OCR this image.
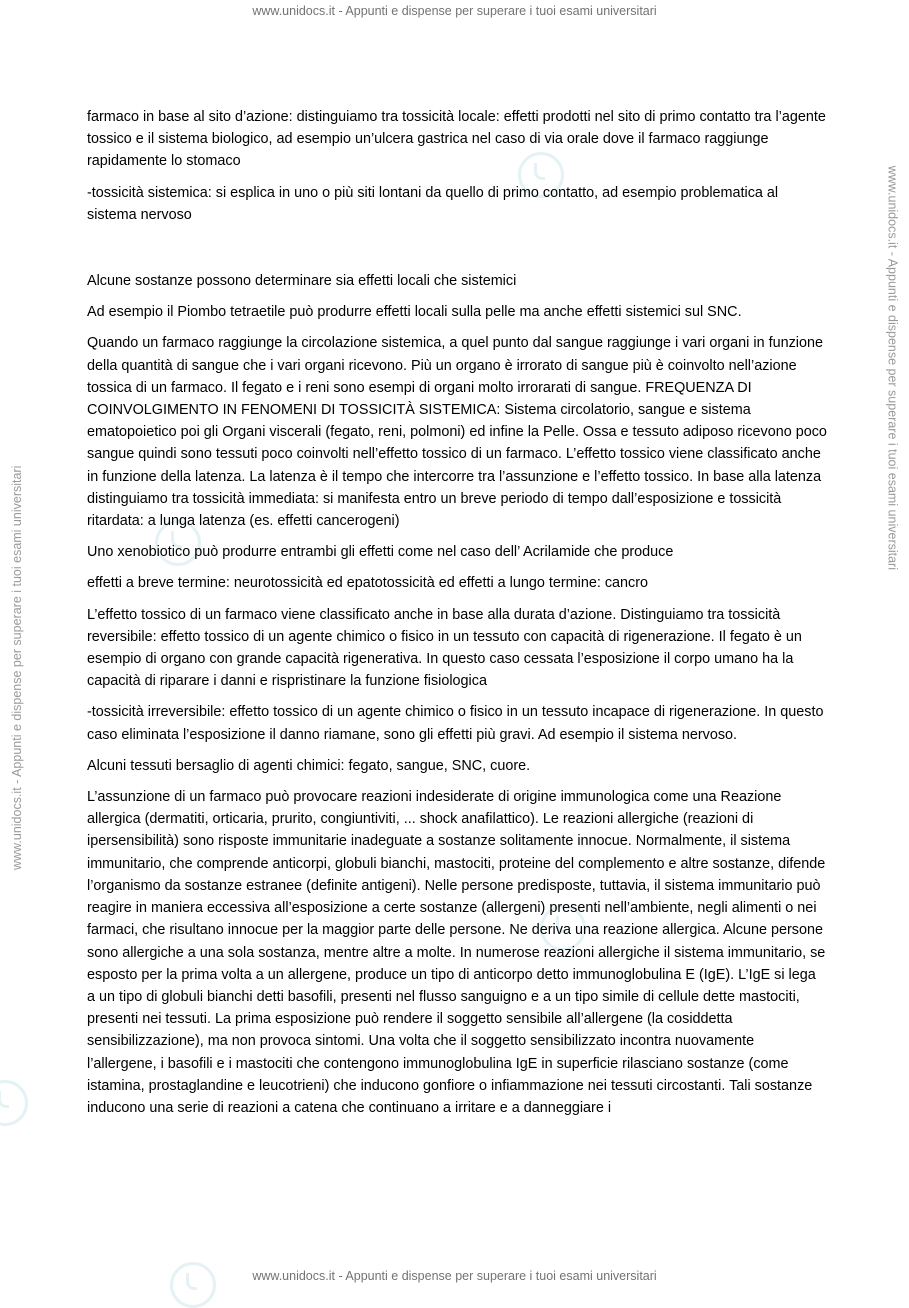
www.unidocs.it - Appunti e dispense per superare i tuoi esami universitari
www.unidocs.it - Appunti e dispense per superare i tuoi esami universitari
www.unidocs.it - Appunti e dispense per superare i tuoi esami universitari

farmaco in base al sito d’azione: distinguiamo tra tossicità locale: effetti prodotti nel sito di primo contatto tra l’agente tossico e il sistema biologico, ad esempio un’ulcera gastrica nel caso di via orale dove il farmaco raggiunge rapidamente lo stomaco

-tossicità sistemica: si esplica in uno o più siti lontani da quello di primo contatto, ad esempio problematica al sistema nervoso

Alcune sostanze possono determinare sia effetti locali che sistemici

Ad esempio il Piombo tetraetile può produrre effetti locali sulla pelle ma anche effetti sistemici sul SNC.

Quando un farmaco raggiunge la circolazione sistemica, a quel punto dal sangue raggiunge i vari organi in funzione della quantità di sangue che i vari organi ricevono. Più un organo è irrorato di sangue più è coinvolto nell’azione tossica di un farmaco. Il fegato e i reni sono esempi di organi molto irrorarati di sangue. FREQUENZA DI COINVOLGIMENTO IN FENOMENI DI TOSSICITÀ SISTEMICA: Sistema circolatorio, sangue e sistema ematopoietico poi gli Organi viscerali (fegato, reni, polmoni) ed infine la Pelle. Ossa e tessuto adiposo ricevono poco sangue quindi sono tessuti poco coinvolti nell’effetto tossico di un farmaco. L’effetto tossico viene classificato anche in funzione della latenza. La latenza è il tempo che intercorre tra l’assunzione e l’effetto tossico. In base alla latenza distinguiamo tra tossicità immediata: si manifesta entro un breve periodo di tempo dall’esposizione e tossicità ritardata: a lunga latenza (es. effetti cancerogeni)

Uno xenobiotico può produrre entrambi gli effetti come nel caso dell’ Acrilamide che produce

effetti a breve termine: neurotossicità ed epatotossicità ed effetti a lungo termine: cancro

L’effetto tossico di un farmaco viene classificato anche in base alla durata d’azione. Distinguiamo tra tossicità reversibile: effetto tossico di un agente chimico o fisico in un tessuto con capacità di rigenerazione. Il fegato è un esempio di organo con grande capacità rigenerativa. In questo caso cessata l’esposizione il corpo umano ha la capacità di riparare i danni e rispristinare la funzione fisiologica

-tossicità irreversibile: effetto tossico di un agente chimico o fisico in un tessuto incapace di rigenerazione. In questo caso eliminata l’esposizione il danno riamane, sono gli effetti più gravi. Ad esempio il sistema nervoso.

Alcuni tessuti bersaglio di agenti chimici: fegato, sangue, SNC, cuore.

L’assunzione di un farmaco può provocare reazioni indesiderate di origine immunologica come una Reazione allergica (dermatiti, orticaria, prurito, congiuntiviti, ... shock anafilattico). Le reazioni allergiche (reazioni di ipersensibilità) sono risposte immunitarie inadeguate a sostanze solitamente innocue. Normalmente, il sistema immunitario, che comprende anticorpi, globuli bianchi, mastociti, proteine del complemento e altre sostanze, difende l’organismo da sostanze estranee (definite antigeni). Nelle persone predisposte, tuttavia, il sistema immunitario può reagire in maniera eccessiva all’esposizione a certe sostanze (allergeni) presenti nell’ambiente, negli alimenti o nei farmaci, che risultano innocue per la maggior parte delle persone. Ne deriva una reazione allergica. Alcune persone sono allergiche a una sola sostanza, mentre altre a molte. In numerose reazioni allergiche il sistema immunitario, se esposto per la prima volta a un allergene, produce un tipo di anticorpo detto immunoglobulina E (IgE). L’IgE si lega a un tipo di globuli bianchi detti basofili, presenti nel flusso sanguigno e a un tipo simile di cellule dette mastociti, presenti nei tessuti. La prima esposizione può rendere il soggetto sensibile all’allergene (la cosiddetta sensibilizzazione), ma non provoca sintomi. Una volta che il soggetto sensibilizzato incontra nuovamente l’allergene, i basofili e i mastociti che contengono immunoglobulina IgE in superficie rilasciano sostanze (come istamina, prostaglandine e leucotrieni) che inducono gonfiore o infiammazione nei tessuti circostanti. Tali sostanze inducono una serie di reazioni a catena che continuano a irritare e a danneggiare i

www.unidocs.it - Appunti e dispense per superare i tuoi esami universitari
